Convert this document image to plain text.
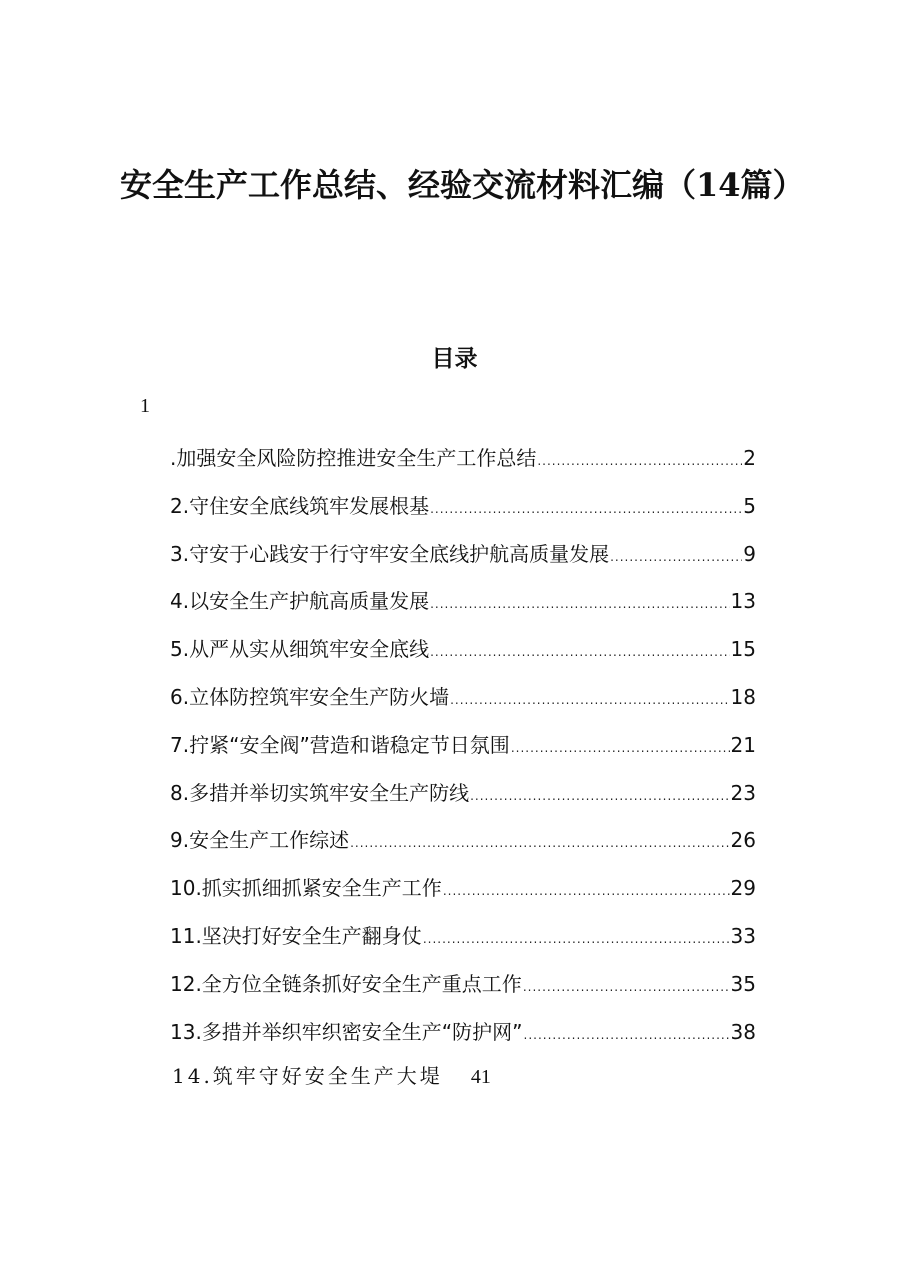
安全生产工作总结、经验交流材料汇编（14篇）
目录
1
.加强安全风险防控推进安全生产工作总结 .....	2
2.守住安全底线筑牢发展根基 .....	5
3.守安于心践安于行守牢安全底线护航高质量发展 .....	9
4.以安全生产护航高质量发展 .....	13
5.从严从实从细筑牢安全底线 .....	15
6.立体防控筑牢安全生产防火墙 .....	18
7.拧紧“安全阀”营造和谐稳定节日氛围 .....	21
8.多措并举切实筑牢安全生产防线 .....	23
9.安全生产工作综述 .....	26
10.抓实抓细抓紧安全生产工作 .....	29
11.坚决打好安全生产翻身仗 .....	33
12.全方位全链条抓好安全生产重点工作 .....	35
13.多措并举织牢织密安全生产“防护网” .....	38
14.筑牢守好安全生产大堤 41
